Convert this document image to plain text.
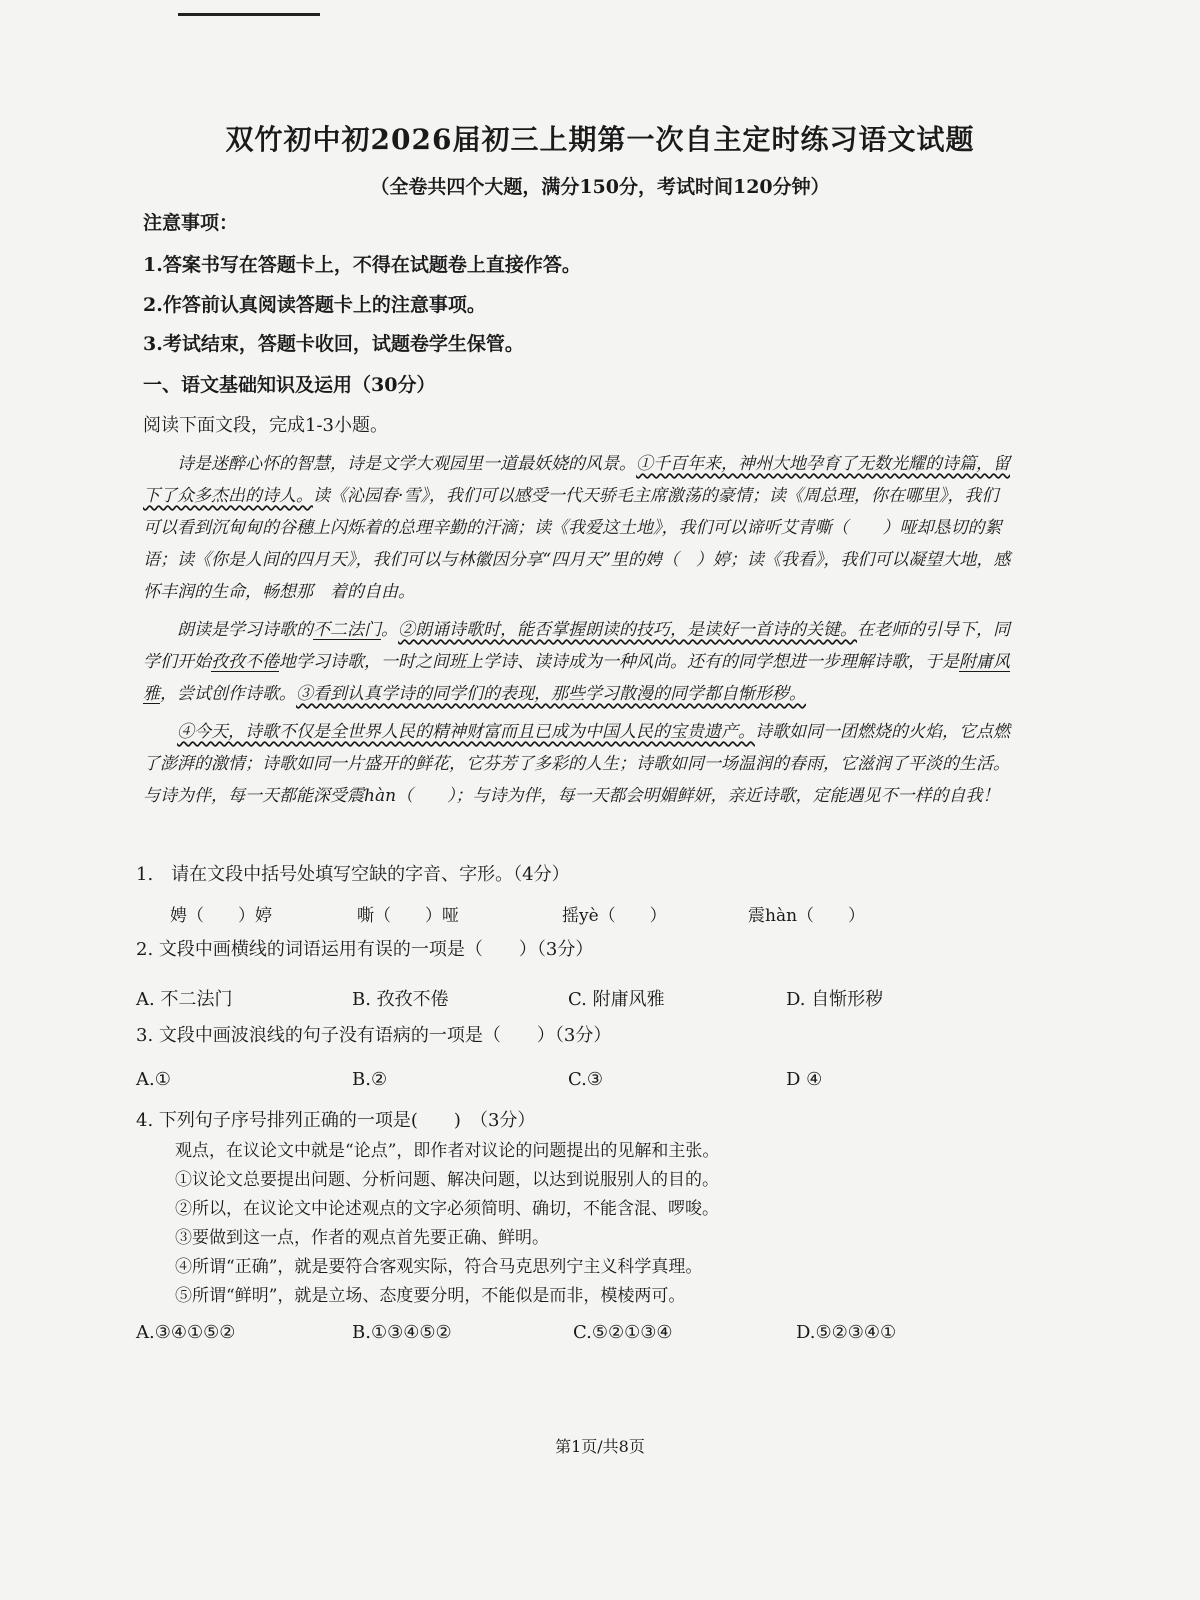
双竹初中初2026届初三上期第一次自主定时练习语文试题
（全卷共四个大题，满分150分，考试时间120分钟）
注意事项：
1.答案书写在答题卡上，不得在试题卷上直接作答。
2.作答前认真阅读答题卡上的注意事项。
3.考试结束，答题卡收回，试题卷学生保管。
一、语文基础知识及运用（30分）
阅读下面文段，完成1-3小题。

诗是迷醉心怀的智慧，诗是文学大观园里一道最妖娆的风景。①千百年来，神州大地孕育了无数光耀的诗篇，留下了众多杰出的诗人。读《沁园春·雪》，我们可以感受一代天骄毛主席激荡的豪情；读《周总理，你在哪里》，我们可以看到沉甸甸的谷穗上闪烁着的总理辛勤的汗滴；读《我爱这土地》，我们可以谛听艾青嘶（　　）哑却恳切的絮语；读《你是人间的四月天》，我们可以与林徽因分享“四月天”里的娉（　）婷；读《我看》，我们可以凝望大地，感怀丰润的生命，畅想那　着的自由。

朗读是学习诗歌的不二法门。②朗诵诗歌时，能否掌握朗读的技巧，是读好一首诗的关键。在老师的引导下，同学们开始孜孜不倦地学习诗歌，一时之间班上学诗、读诗成为一种风尚。还有的同学想进一步理解诗歌，于是附庸风雅，尝试创作诗歌。③看到认真学诗的同学们的表现，那些学习散漫的同学都自惭形秽。

④今天，诗歌不仅是全世界人民的精神财富而且已成为中国人民的宝贵遗产。诗歌如同一团燃烧的火焰，它点燃了澎湃的激情；诗歌如同一片盛开的鲜花，它芬芳了多彩的人生；诗歌如同一场温润的春雨，它滋润了平淡的生活。与诗为伴，每一天都能深受震hàn（　　）；与诗为伴，每一天都会明媚鲜妍，亲近诗歌，定能遇见不一样的自我！

1.　请在文段中括号处填写空缺的字音、字形。（4分）
娉（　　）婷	嘶（　　）哑	摇yè（　　）	震hàn（　　）
2. 文段中画横线的词语运用有误的一项是（　　）（3分）
A. 不二法门	B. 孜孜不倦	C. 附庸风雅	D. 自惭形秽
3. 文段中画波浪线的句子没有语病的一项是（　　）（3分）
A.①	B.②	C.③	D ④
4. 下列句子序号排列正确的一项是(　　)　（3分）
观点，在议论文中就是“论点”，即作者对议论的问题提出的见解和主张。
①议论文总要提出问题、分析问题、解决问题，以达到说服别人的目的。
②所以，在议论文中论述观点的文字必须简明、确切，不能含混、啰唆。
③要做到这一点，作者的观点首先要正确、鲜明。
④所谓“正确”，就是要符合客观实际，符合马克思列宁主义科学真理。
⑤所谓“鲜明”，就是立场、态度要分明，不能似是而非，模棱两可。
A.③④①⑤②	B.①③④⑤②	C.⑤②①③④	D.⑤②③④①
第1页/共8页
